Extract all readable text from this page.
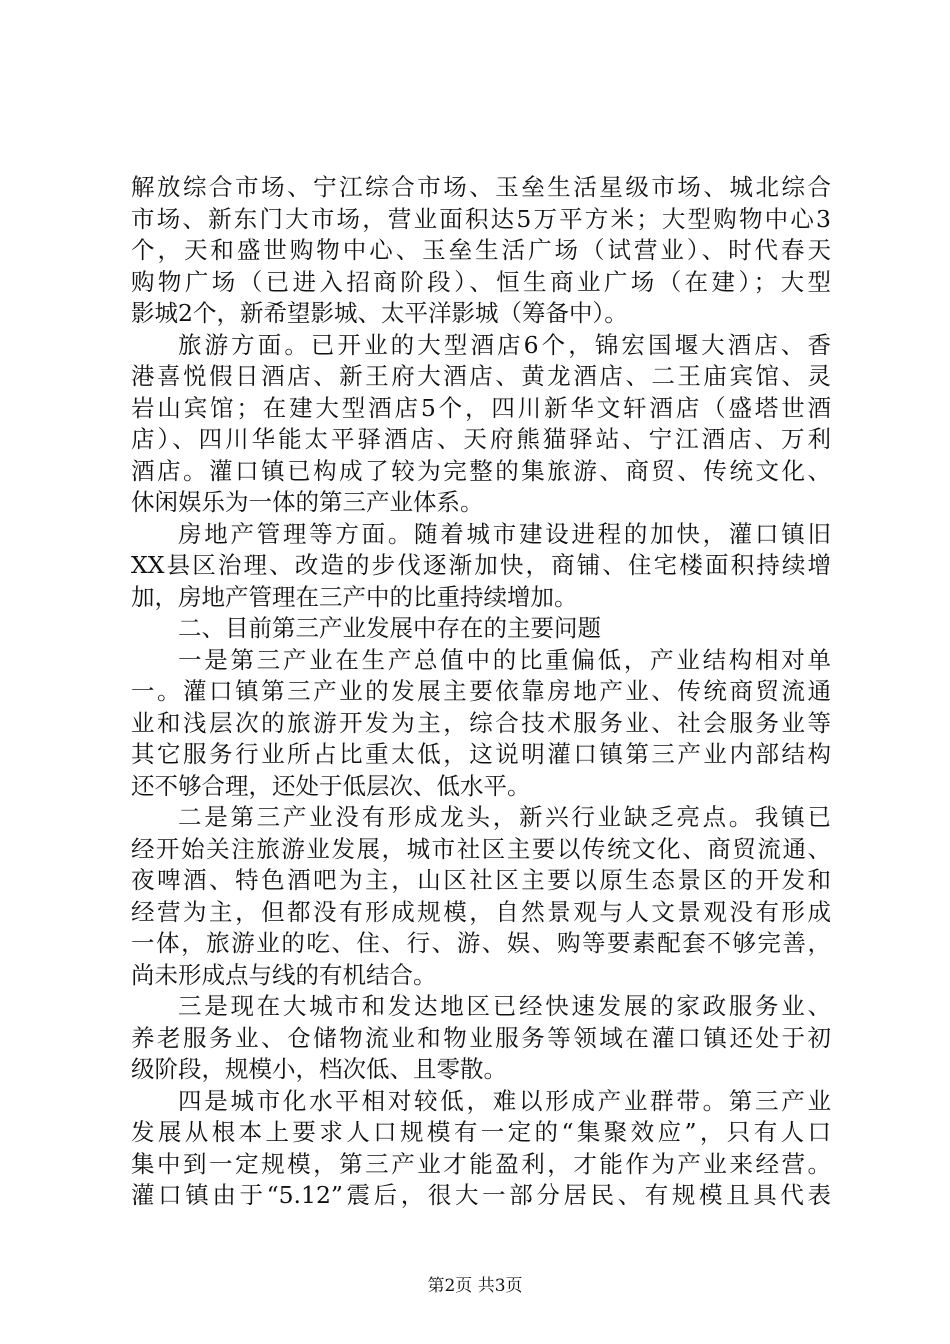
解放综合市场、宁江综合市场、玉垒生活星级市场、城北综合
市场、新东门大市场，营业面积达5万平方米；大型购物中心3
个，天和盛世购物中心、玉垒生活广场（试营业）、时代春天
购物广场（已进入招商阶段）、恒生商业广场（在建）；大型
影城2个，新希望影城、太平洋影城（筹备中）。
旅游方面。已开业的大型酒店6个，锦宏国堰大酒店、香
港喜悦假日酒店、新王府大酒店、黄龙酒店、二王庙宾馆、灵
岩山宾馆；在建大型酒店5个，四川新华文轩酒店（盛塔世酒
店）、四川华能太平驿酒店、天府熊猫驿站、宁江酒店、万利
酒店。灌口镇已构成了较为完整的集旅游、商贸、传统文化、
休闲娱乐为一体的第三产业体系。
房地产管理等方面。随着城市建设进程的加快，灌口镇旧
XX县区治理、改造的步伐逐渐加快，商铺、住宅楼面积持续增
加，房地产管理在三产中的比重持续增加。
二、目前第三产业发展中存在的主要问题
一是第三产业在生产总值中的比重偏低，产业结构相对单
一。灌口镇第三产业的发展主要依靠房地产业、传统商贸流通
业和浅层次的旅游开发为主，综合技术服务业、社会服务业等
其它服务行业所占比重太低，这说明灌口镇第三产业内部结构
还不够合理，还处于低层次、低水平。
二是第三产业没有形成龙头，新兴行业缺乏亮点。我镇已
经开始关注旅游业发展，城市社区主要以传统文化、商贸流通、
夜啤酒、特色酒吧为主，山区社区主要以原生态景区的开发和
经营为主，但都没有形成规模，自然景观与人文景观没有形成
一体，旅游业的吃、住、行、游、娱、购等要素配套不够完善，
尚未形成点与线的有机结合。
三是现在大城市和发达地区已经快速发展的家政服务业、
养老服务业、仓储物流业和物业服务等领域在灌口镇还处于初
级阶段，规模小，档次低、且零散。
四是城市化水平相对较低，难以形成产业群带。第三产业
发展从根本上要求人口规模有一定的“集聚效应”，只有人口
集中到一定规模，第三产业才能盈利，才能作为产业来经营。
灌口镇由于“5.12”震后，很大一部分居民、有规模且具代表
第2页 共3页
